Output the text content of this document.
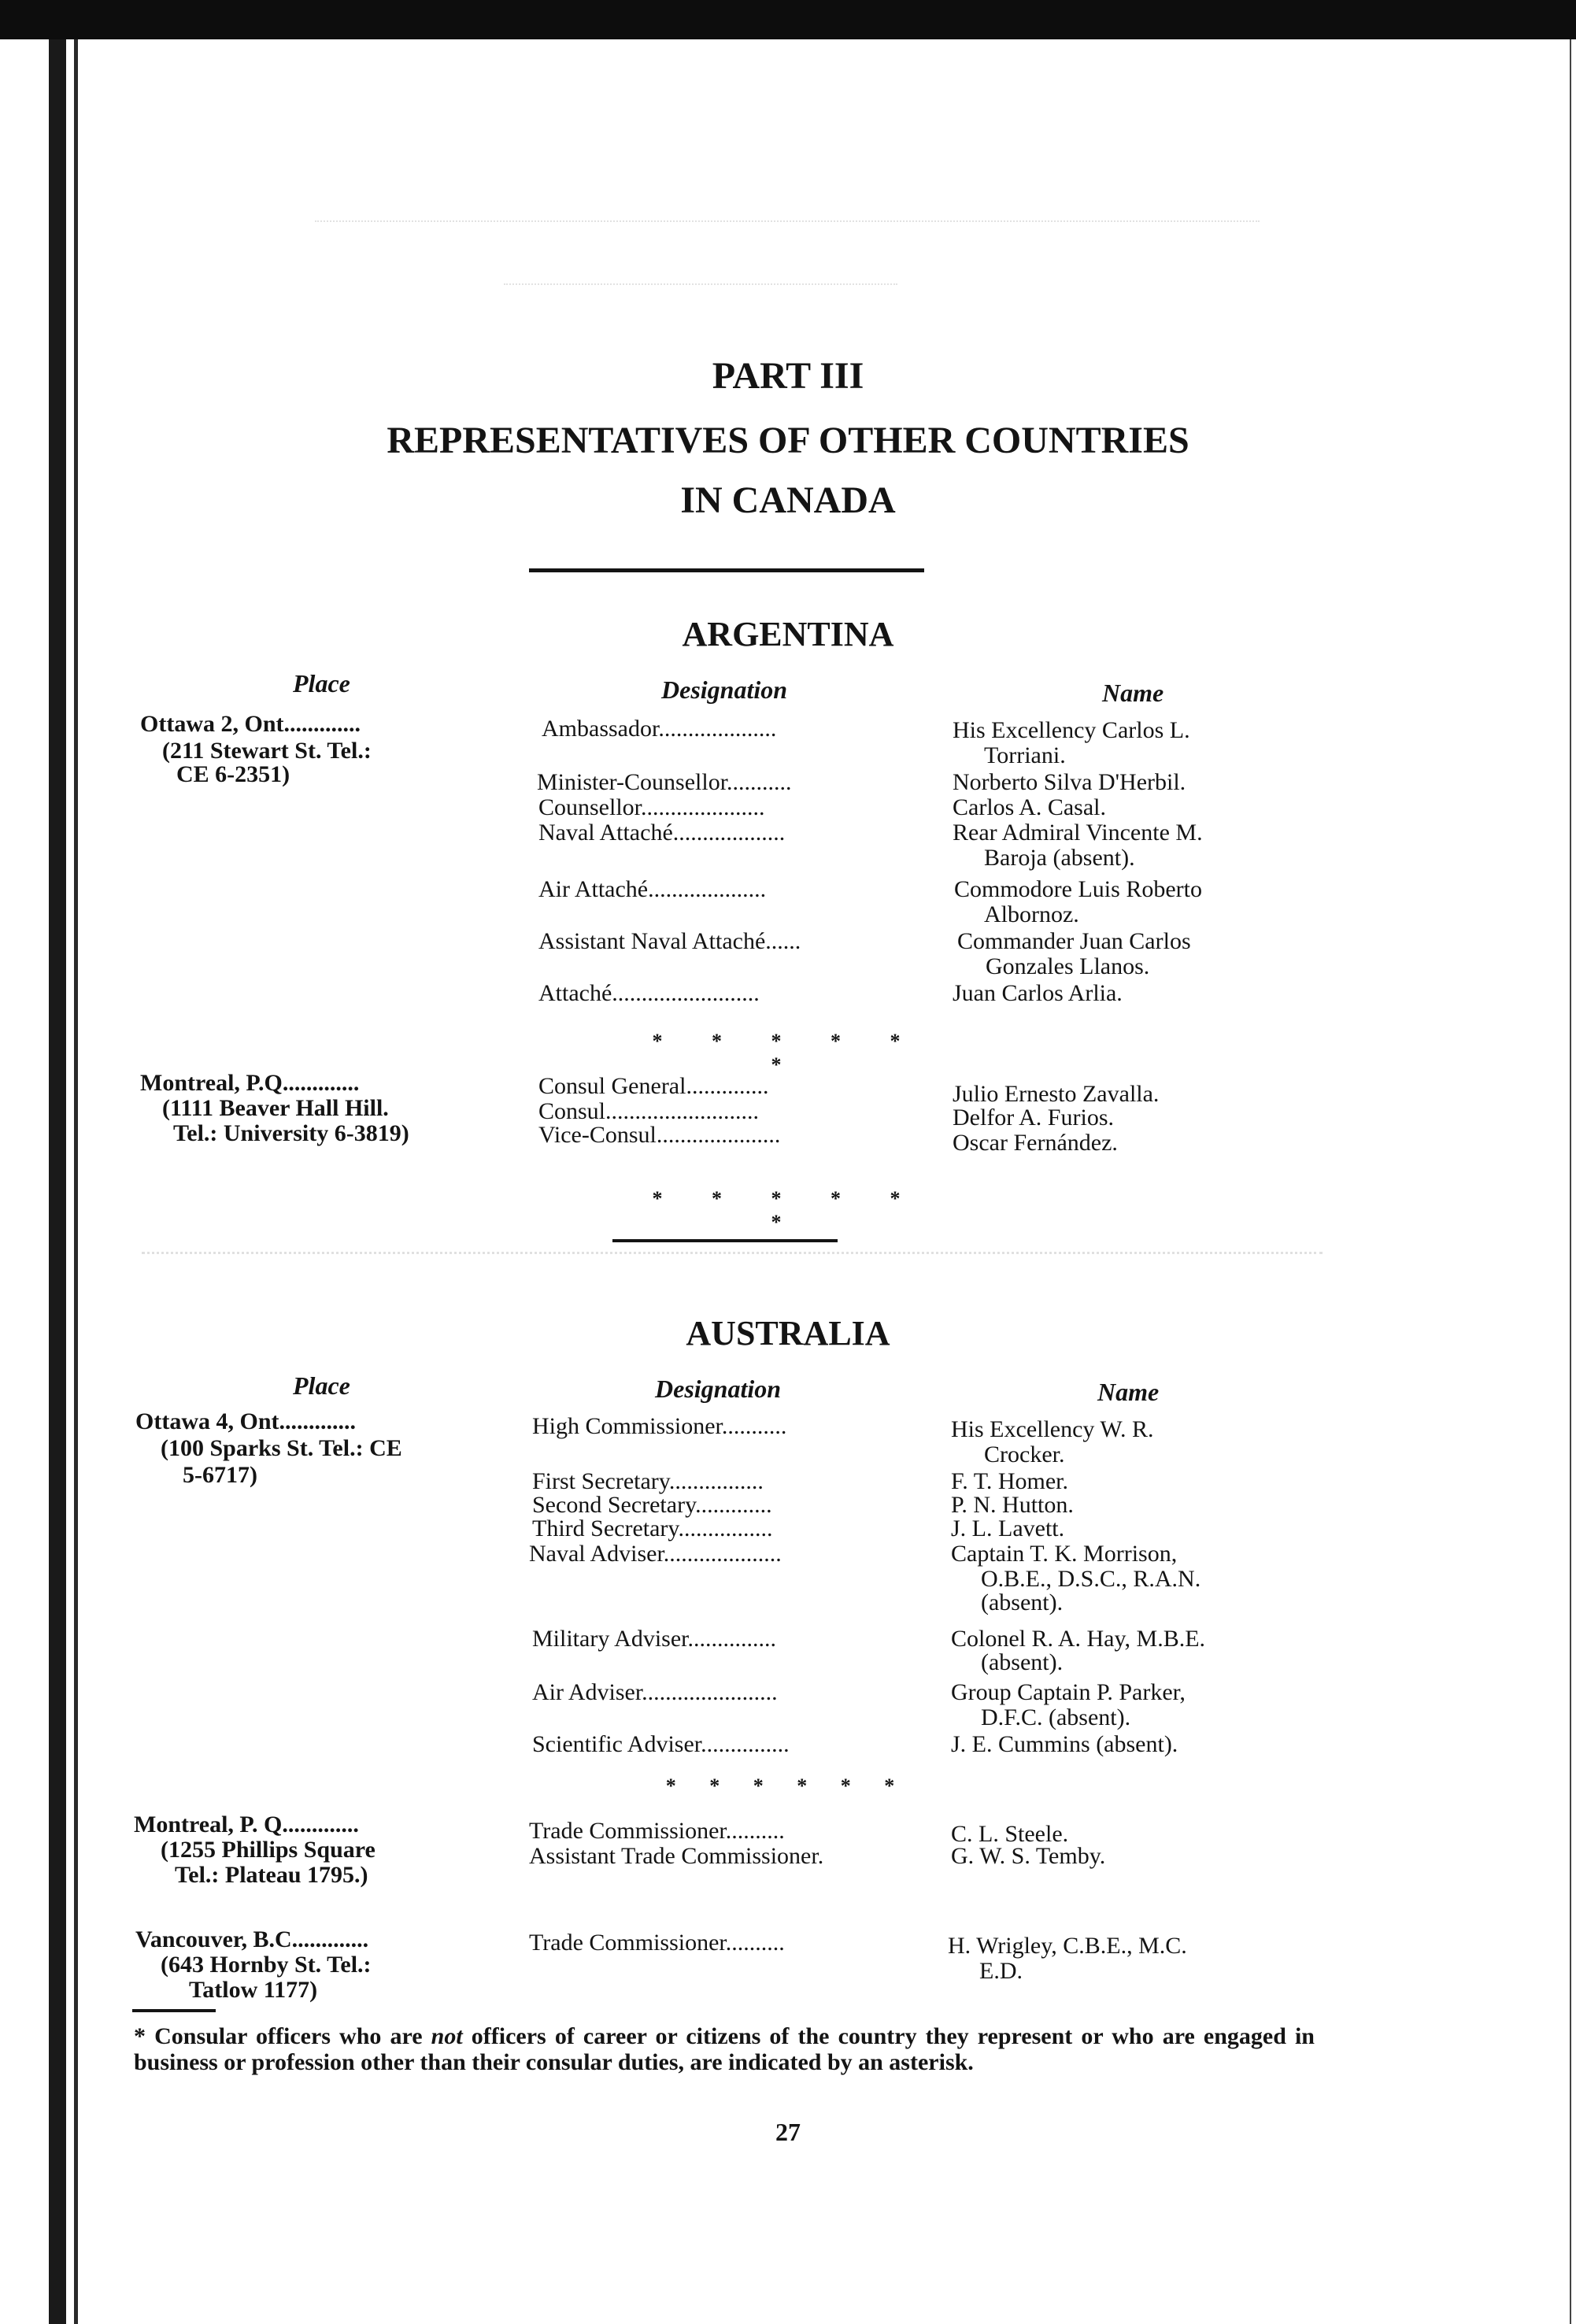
PART III
REPRESENTATIVES OF OTHER COUNTRIES
IN CANADA
ARGENTINA
Place	Designation	Name
Ottawa 2, Ont.............
(211 Stewart St. Tel.:
CE 6-2351)
Ambassador....................	His Excellency Carlos L.
Torriani.
Minister-Counsellor...........	Norberto Silva D'Herbil.
Counsellor.....................	Carlos A. Casal.
Naval Attaché...................	Rear Admiral Vincente M.
Baroja (absent).
Air Attaché....................	Commodore Luis Roberto
Albornoz.
Assistant Naval Attaché......	Commander Juan Carlos
Gonzales Llanos.
Attaché.........................	Juan Carlos Arlia.
* * * * * *
Montreal, P.Q.............
(1111 Beaver Hall Hill.
Tel.: University 6-3819)
Consul General..............	Julio Ernesto Zavalla.
Consul..........................	Delfor A. Furios.
Vice-Consul.....................	Oscar Fernández.
* * * * * *
AUSTRALIA
Place	Designation	Name
Ottawa 4, Ont.............
(100 Sparks St. Tel.: CE
5-6717)
High Commissioner...........	His Excellency W. R.
Crocker.
First Secretary................	F. T. Homer.
Second Secretary.............	P. N. Hutton.
Third Secretary................	J. L. Lavett.
Naval Adviser....................	Captain T. K. Morrison,
O.B.E., D.S.C., R.A.N.
(absent).
Military Adviser...............	Colonel R. A. Hay, M.B.E.
(absent).
Air Adviser.......................	Group Captain P. Parker,
D.F.C. (absent).
Scientific Adviser...............	J. E. Cummins (absent).
* * * * * *
Montreal, P. Q.............
(1255 Phillips Square
Tel.: Plateau 1795.)
Trade Commissioner..........	C. L. Steele.
Assistant Trade Commissioner.	G. W. S. Temby.
Vancouver, B.C.............
(643 Hornby St. Tel.:
Tatlow 1177)
Trade Commissioner..........	H. Wrigley, C.B.E., M.C.
E.D.
* Consular officers who are not officers of career or citizens of the country they represent or who are engaged in business or profession other than their consular duties, are indicated by an asterisk.
27
